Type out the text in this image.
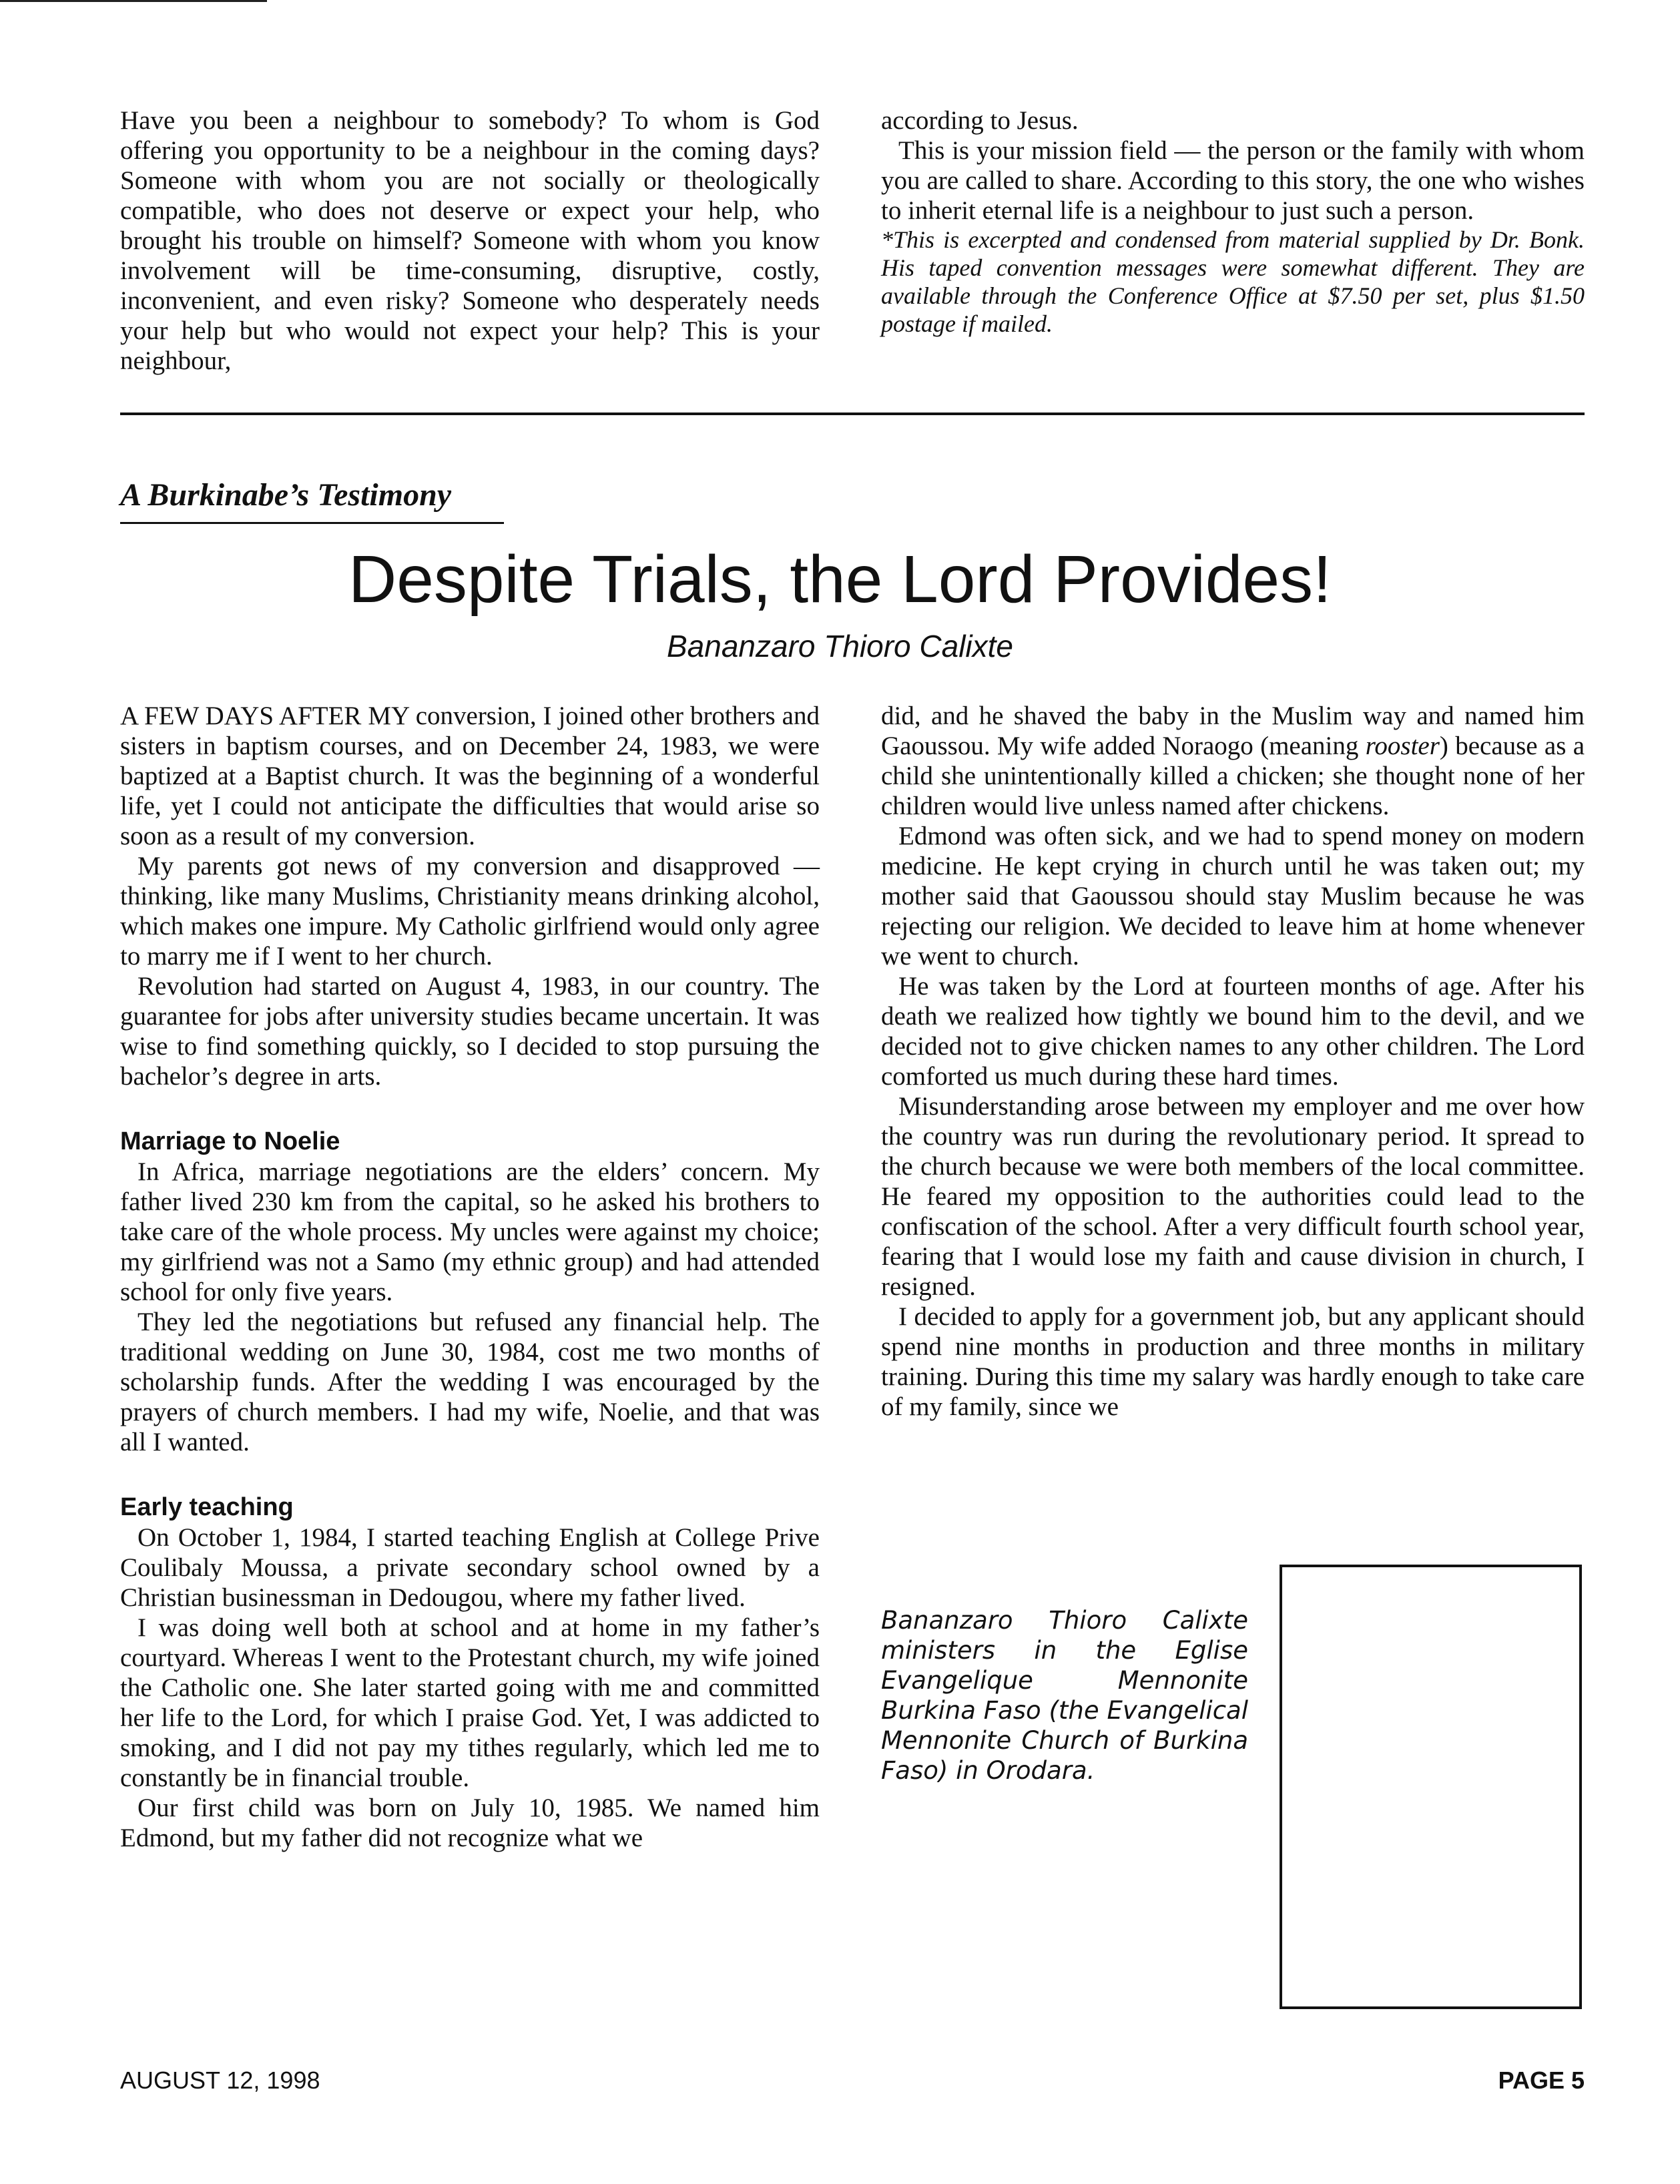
Have you been a neighbour to somebody? To whom is God offering you opportunity to be a neighbour in the coming days? Someone with whom you are not socially or theologically compatible, who does not deserve or expect your help, who brought his trouble on himself? Someone with whom you know involvement will be time-consuming, disruptive, costly, inconvenient, and even risky? Someone who desperately needs your help but who would not expect your help? This is your neighbour,

according to Jesus.

This is your mission field — the person or the family with whom you are called to share. According to this story, the one who wishes to inherit eternal life is a neighbour to just such a person.

*This is excerpted and condensed from material supplied by Dr. Bonk. His taped convention messages were somewhat different. They are available through the Conference Office at $7.50 per set, plus $1.50 postage if mailed.

A Burkinabe’s Testimony
Despite Trials, the Lord Provides!
Bananzaro Thioro Calixte

A FEW DAYS AFTER MY conversion, I joined other brothers and sisters in baptism courses, and on December 24, 1983, we were baptized at a Baptist church. It was the beginning of a wonderful life, yet I could not anticipate the difficulties that would arise so soon as a result of my conversion.

My parents got news of my conversion and disapproved — thinking, like many Muslims, Christianity means drinking alcohol, which makes one impure. My Catholic girlfriend would only agree to marry me if I went to her church.

Revolution had started on August 4, 1983, in our country. The guarantee for jobs after university studies became uncertain. It was wise to find something quickly, so I decided to stop pursuing the bachelor’s degree in arts.

Marriage to Noelie

In Africa, marriage negotiations are the elders’ concern. My father lived 230 km from the capital, so he asked his brothers to take care of the whole process. My uncles were against my choice; my girlfriend was not a Samo (my ethnic group) and had attended school for only five years.

They led the negotiations but refused any financial help. The traditional wedding on June 30, 1984, cost me two months of scholarship funds. After the wedding I was encouraged by the prayers of church members. I had my wife, Noelie, and that was all I wanted.

Early teaching

On October 1, 1984, I started teaching English at College Prive Coulibaly Moussa, a private secondary school owned by a Christian businessman in Dedougou, where my father lived.

I was doing well both at school and at home in my father’s courtyard. Whereas I went to the Protestant church, my wife joined the Catholic one. She later started going with me and committed her life to the Lord, for which I praise God. Yet, I was addicted to smoking, and I did not pay my tithes regularly, which led me to constantly be in financial trouble.

Our first child was born on July 10, 1985. We named him Edmond, but my father did not recognize what we

did, and he shaved the baby in the Muslim way and named him Gaoussou. My wife added Noraogo (meaning rooster) because as a child she unintentionally killed a chicken; she thought none of her children would live unless named after chickens.

Edmond was often sick, and we had to spend money on modern medicine. He kept crying in church until he was taken out; my mother said that Gaoussou should stay Muslim because he was rejecting our religion. We decided to leave him at home whenever we went to church.

He was taken by the Lord at fourteen months of age. After his death we realized how tightly we bound him to the devil, and we decided not to give chicken names to any other children. The Lord comforted us much during these hard times.

Misunderstanding arose between my employer and me over how the country was run during the revolutionary period. It spread to the church because we were both members of the local committee. He feared my opposition to the authorities could lead to the confiscation of the school. After a very difficult fourth school year, fearing that I would lose my faith and cause division in church, I resigned.

I decided to apply for a government job, but any applicant should spend nine months in production and three months in military training. During this time my salary was hardly enough to take care of my family, since we

Bananzaro Thioro Calixte ministers in the Eglise Evangelique Mennonite Burkina Faso (the Evangelical Mennonite Church of Burkina Faso) in Orodara.
AUGUST 12, 1998	PAGE 5
